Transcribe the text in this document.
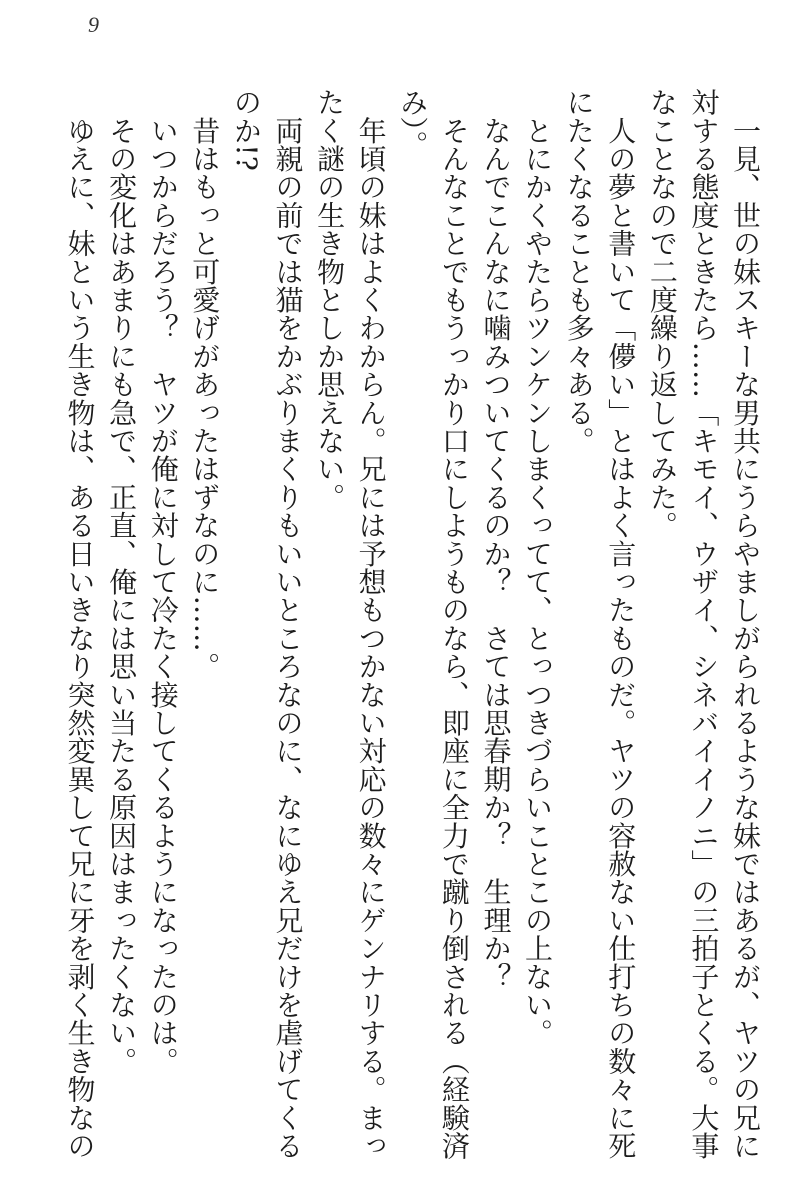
9
　一見、世の妹スキーな男共にうらやましがられるような妹ではあるが、ヤツの兄に
対する態度ときたら……「キモイ、ウザイ、シネバイイノニ」の三拍子とくる。大事
なことなので二度繰り返してみた。
　人の夢と書いて「儚い」とはよく言ったものだ。ヤツの容赦ない仕打ちの数々に死
にたくなることも多々ある。
　とにかくやたらツンケンしまくってて、とっつきづらいことこの上ない。
　なんでこんなに噛みついてくるのか？　さては思春期か？　生理か？
　そんなことでもうっかり口にしようものなら、即座に全力で蹴り倒される（経験済
み）。
　年頃の妹はよくわからん。兄には予想もつかない対応の数々にゲンナリする。まっ
たく謎の生き物としか思えない。
　両親の前では猫をかぶりまくりもいいところなのに、なにゆえ兄だけを虐げてくる
のか!?
　昔はもっと可愛げがあったはずなのに……。
　いつからだろう？　ヤツが俺に対して冷たく接してくるようになったのは。
　その変化はあまりにも急で、正直、俺には思い当たる原因はまったくない。
　ゆえに、妹という生き物は、ある日いきなり突然変異して兄に牙を剥く生き物なの
